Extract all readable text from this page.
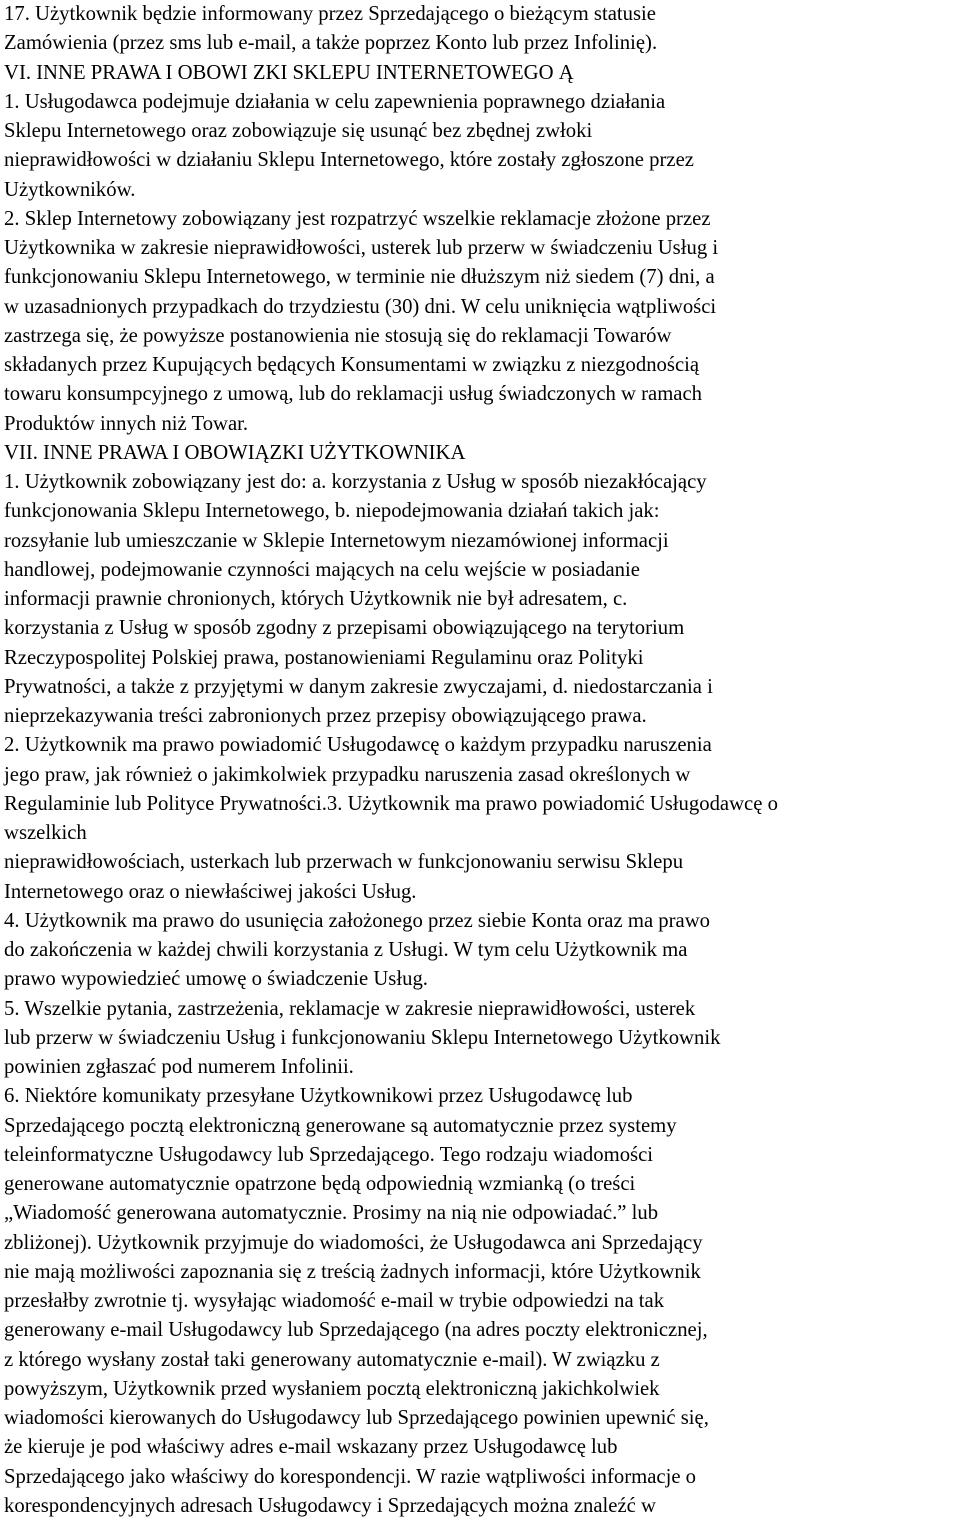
17. Użytkownik będzie informowany przez Sprzedającego o bieżącym statusie
Zamówienia (przez sms lub e-mail, a także poprzez Konto lub przez Infolinię).
VI. INNE PRAWA I OBOWI ZKI SKLEPU INTERNETOWEGO Ą
1. Usługodawca podejmuje działania w celu zapewnienia poprawnego działania
Sklepu Internetowego oraz zobowiązuje się usunąć bez zbędnej zwłoki
nieprawidłowości w działaniu Sklepu Internetowego, które zostały zgłoszone przez
Użytkowników.
2. Sklep Internetowy zobowiązany jest rozpatrzyć wszelkie reklamacje złożone przez
Użytkownika w zakresie nieprawidłowości, usterek lub przerw w świadczeniu Usług i
funkcjonowaniu Sklepu Internetowego, w terminie nie dłuższym niż siedem (7) dni, a
w uzasadnionych przypadkach do trzydziestu (30) dni. W celu uniknięcia wątpliwości
zastrzega się, że powyższe postanowienia nie stosują się do reklamacji Towarów
składanych przez Kupujących będących Konsumentami w związku z niezgodnością
towaru konsumpcyjnego z umową, lub do reklamacji usług świadczonych w ramach
Produktów innych niż Towar.
VII. INNE PRAWA I OBOWIĄZKI UŻYTKOWNIKA
1. Użytkownik zobowiązany jest do: a. korzystania z Usług w sposób niezakłócający
funkcjonowania Sklepu Internetowego, b. niepodejmowania działań takich jak:
rozsyłanie lub umieszczanie w Sklepie Internetowym niezamówionej informacji
handlowej, podejmowanie czynności mających na celu wejście w posiadanie
informacji prawnie chronionych, których Użytkownik nie był adresatem, c.
korzystania z Usług w sposób zgodny z przepisami obowiązującego na terytorium
Rzeczypospolitej Polskiej prawa, postanowieniami Regulaminu oraz Polityki
Prywatności, a także z przyjętymi w danym zakresie zwyczajami, d. niedostarczania i
nieprzekazywania treści zabronionych przez przepisy obowiązującego prawa.
2. Użytkownik ma prawo powiadomić Usługodawcę o każdym przypadku naruszenia
jego praw, jak również o jakimkolwiek przypadku naruszenia zasad określonych w
Regulaminie lub Polityce Prywatności.3. Użytkownik ma prawo powiadomić Usługodawcę o
wszelkich
nieprawidłowościach, usterkach lub przerwach w funkcjonowaniu serwisu Sklepu
Internetowego oraz o niewłaściwej jakości Usług.
4. Użytkownik ma prawo do usunięcia założonego przez siebie Konta oraz ma prawo
do zakończenia w każdej chwili korzystania z Usługi. W tym celu Użytkownik ma
prawo wypowiedzieć umowę o świadczenie Usług.
5. Wszelkie pytania, zastrzeżenia, reklamacje w zakresie nieprawidłowości, usterek
lub przerw w świadczeniu Usług i funkcjonowaniu Sklepu Internetowego Użytkownik
powinien zgłaszać pod numerem Infolinii.
6. Niektóre komunikaty przesyłane Użytkownikowi przez Usługodawcę lub
Sprzedającego pocztą elektroniczną generowane są automatycznie przez systemy
teleinformatyczne Usługodawcy lub Sprzedającego. Tego rodzaju wiadomości
generowane automatycznie opatrzone będą odpowiednią wzmianką (o treści
„Wiadomość generowana automatycznie. Prosimy na nią nie odpowiadać.” lub
zbliżonej). Użytkownik przyjmuje do wiadomości, że Usługodawca ani Sprzedający
nie mają możliwości zapoznania się z treścią żadnych informacji, które Użytkownik
przesłałby zwrotnie tj. wysyłając wiadomość e-mail w trybie odpowiedzi na tak
generowany e-mail Usługodawcy lub Sprzedającego (na adres poczty elektronicznej,
z którego wysłany został taki generowany automatycznie e-mail). W związku z
powyższym, Użytkownik przed wysłaniem pocztą elektroniczną jakichkolwiek
wiadomości kierowanych do Usługodawcy lub Sprzedającego powinien upewnić się,
że kieruje je pod właściwy adres e-mail wskazany przez Usługodawcę lub
Sprzedającego jako właściwy do korespondencji. W razie wątpliwości informacje o
korespondencyjnych adresach Usługodawcy i Sprzedających można znaleźć w
